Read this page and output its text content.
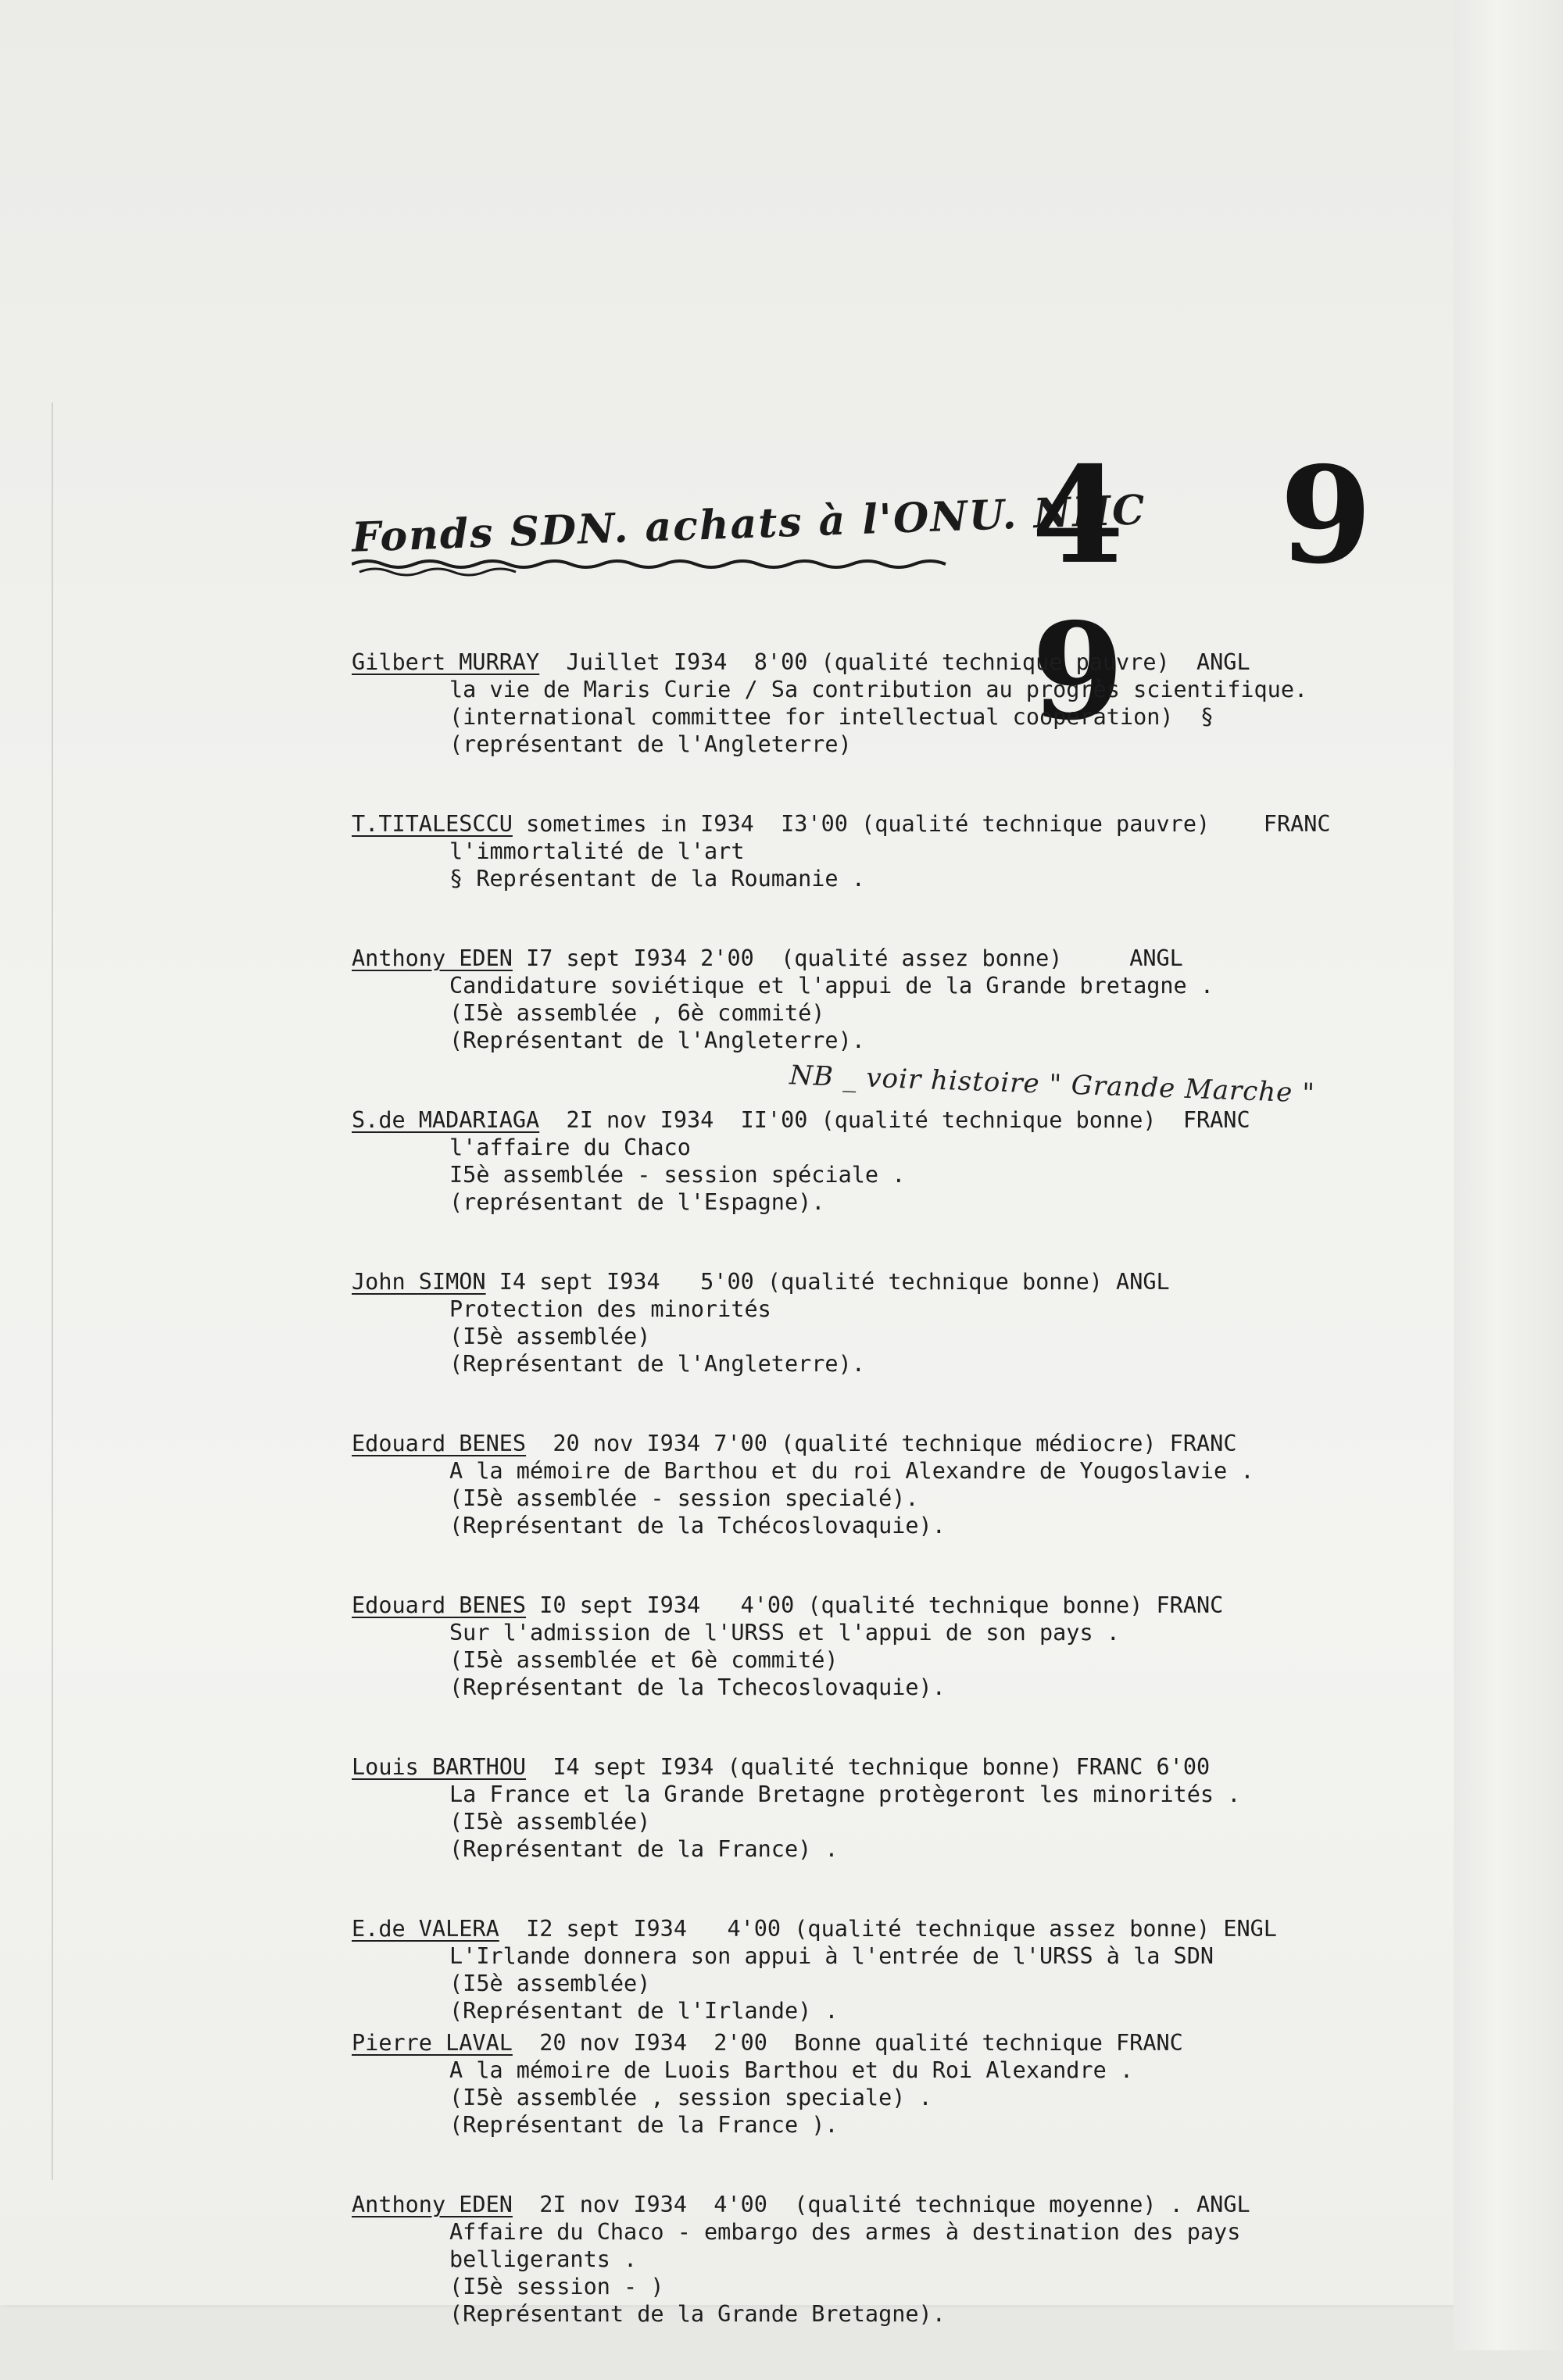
Fonds SDN. achats à l'ONU. NHC
4 9 9
NB _ voir histoire " Grande Marche "
Gilbert MURRAY Juillet I934  8'00 (qualité technique pauvre)  ANGL
la vie de Maris Curie / Sa contribution au progrès scientifique.
(international committee for intellectual cooperation)  §
(représentant de l'Angleterre)
T.TITALESCCU sometimes in I934  I3'00 (qualité technique pauvre)    FRANC
l'immortalité de l'art
§ Représentant de la Roumanie .
Anthony EDEN I7 sept I934 2'00  (qualité assez bonne)     ANGL
Candidature soviétique et l'appui de la Grande bretagne .
(I5è assemblée , 6è commité)
(Représentant de l'Angleterre).
S.de MADARIAGA 2I nov I934  II'00 (qualité technique bonne)  FRANC
l'affaire du Chaco
I5è assemblée - session spéciale .
(représentant de l'Espagne).
John SIMON I4 sept I934   5'00 (qualité technique bonne) ANGL
Protection des minorités
(I5è assemblée)
(Représentant de l'Angleterre).
Edouard BENES  20 nov I934 7'00 (qualité technique médiocre) FRANC
A la mémoire de Barthou et du roi Alexandre de Yougoslavie .
(I5è assemblée - session specialé).
(Représentant de la Tchécoslovaquie).
Edouard BENES I0 sept I934   4'00 (qualité technique bonne) FRANC
Sur l'admission de l'URSS et l'appui de son pays .
(I5è assemblée et 6è commité)
(Représentant de la Tchecoslovaquie).
Louis BARTHOU  I4 sept I934 (qualité technique bonne) FRANC 6'00
La France et la Grande Bretagne protègeront les minorités .
(I5è assemblée)
(Représentant de la France) .
E.de VALERA  I2 sept I934   4'00 (qualité technique assez bonne) ENGL
L'Irlande donnera son appui à l'entrée de l'URSS à la SDN
(I5è assemblée)
(Représentant de l'Irlande) .
Pierre LAVAL  20 nov I934  2'00  Bonne qualité technique FRANC
A la mémoire de Luois Barthou et du Roi Alexandre .
(I5è assemblée , session speciale) .
(Représentant de la France ).
Anthony EDEN  2I nov I934  4'00  (qualité technique moyenne) . ANGL
Affaire du Chaco - embargo des armes à destination des pays
belligerants .
(I5è session - )
(Représentant de la Grande Bretagne).
